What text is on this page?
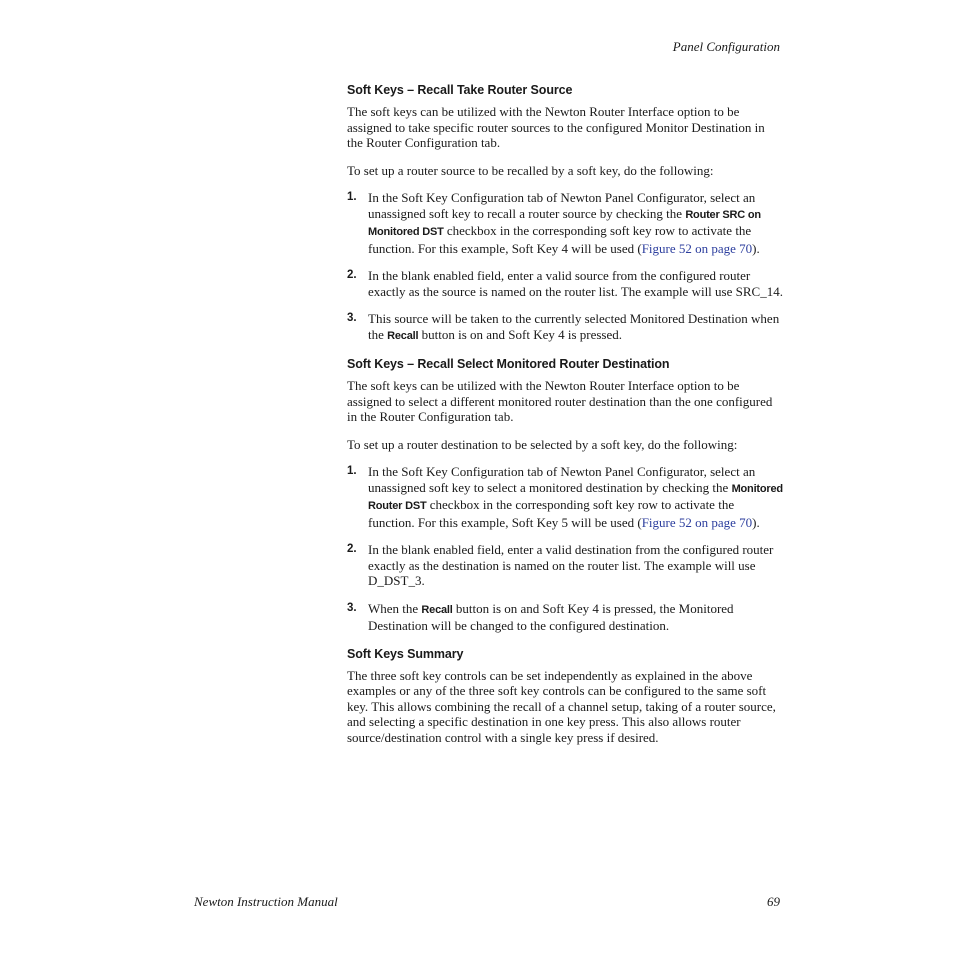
Panel Configuration
Soft Keys – Recall Take Router Source

The soft keys can be utilized with the Newton Router Interface option to be assigned to take specific router sources to the configured Monitor Destination in the Router Configuration tab.

To set up a router source to be recalled by a soft key, do the following:

1. In the Soft Key Configuration tab of Newton Panel Configurator, select an unassigned soft key to recall a router source by checking the Router SRC on Monitored DST checkbox in the corresponding soft key row to activate the function. For this example, Soft Key 4 will be used (Figure 52 on page 70).
2. In the blank enabled field, enter a valid source from the configured router exactly as the source is named on the router list. The example will use SRC_14.
3. This source will be taken to the currently selected Monitored Destination when the Recall button is on and Soft Key 4 is pressed.
Soft Keys – Recall Select Monitored Router Destination

The soft keys can be utilized with the Newton Router Interface option to be assigned to select a different monitored router destination than the one configured in the Router Configuration tab.

To set up a router destination to be selected by a soft key, do the following:

1. In the Soft Key Configuration tab of Newton Panel Configurator, select an unassigned soft key to select a monitored destination by checking the Monitored Router DST checkbox in the corresponding soft key row to activate the function. For this example, Soft Key 5 will be used (Figure 52 on page 70).
2. In the blank enabled field, enter a valid destination from the configured router exactly as the destination is named on the router list. The example will use D_DST_3.
3. When the Recall button is on and Soft Key 4 is pressed, the Monitored Destination will be changed to the configured destination.
Soft Keys Summary

The three soft key controls can be set independently as explained in the above examples or any of the three soft key controls can be configured to the same soft key. This allows combining the recall of a channel setup, taking of a router source, and selecting a specific destination in one key press. This also allows router source/destination control with a single key press if desired.

Newton Instruction Manual	69
